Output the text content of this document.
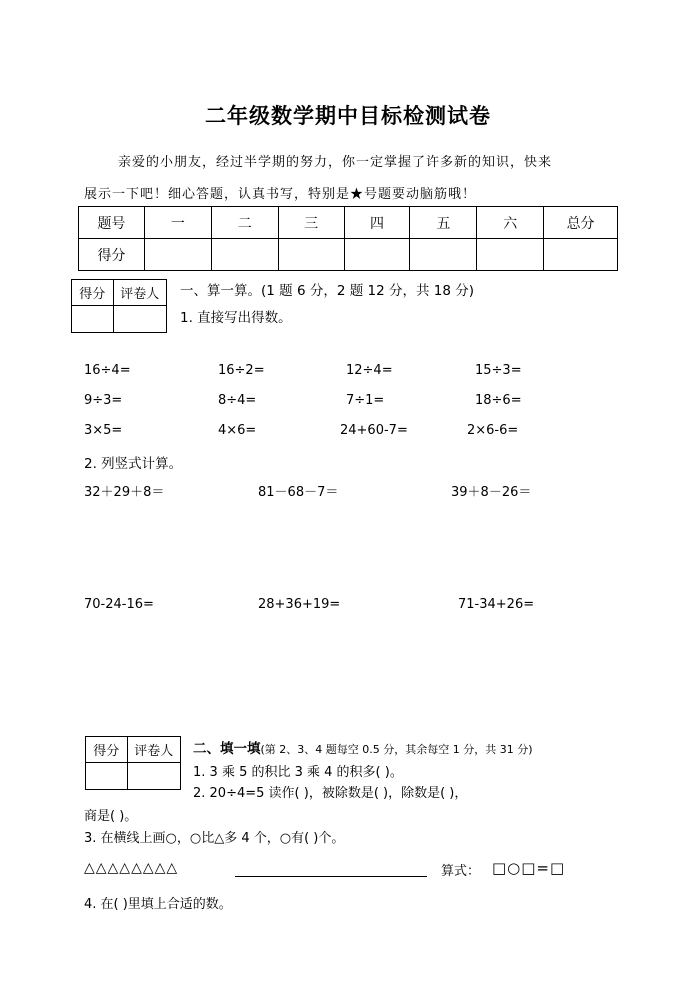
二年级数学期中目标检测试卷
亲爱的小朋友，经过半学期的努力，你一定掌握了许多新的知识，快来
展示一下吧！细心答题，认真书写，特别是★号题要动脑筋哦！
题号	一	二	三	四	五	六	总分
得分							
得分	评卷人
	一、算一算。(1 题 6 分，2 题 12 分，共 18 分)
1. 直接写出得数。
16÷4=	16÷2=	12÷4=	15÷3=
9÷3=	8÷4=	7÷1=	18÷6=
3×5=	4×6=	24+60-7=	2×6-6=
2. 列竖式计算。
32＋29＋8＝	81－68－7＝	39＋8－26＝
70-24-16=	28+36+19=	71-34+26=
得分	评卷人
	二、填一填(第 2、3、4 题每空 0.5 分，其余每空 1 分，共 31 分)
1. 3 乘 5 的积比 3 乘 4 的积多( )。
2. 20÷4=5 读作( )，被除数是( )，除数是( )，
商是( )。
3. 在横线上画○，○比△多 4 个，○有( )个。
△△△△△△△△	算式： □○□=□
4. 在( )里填上合适的数。
